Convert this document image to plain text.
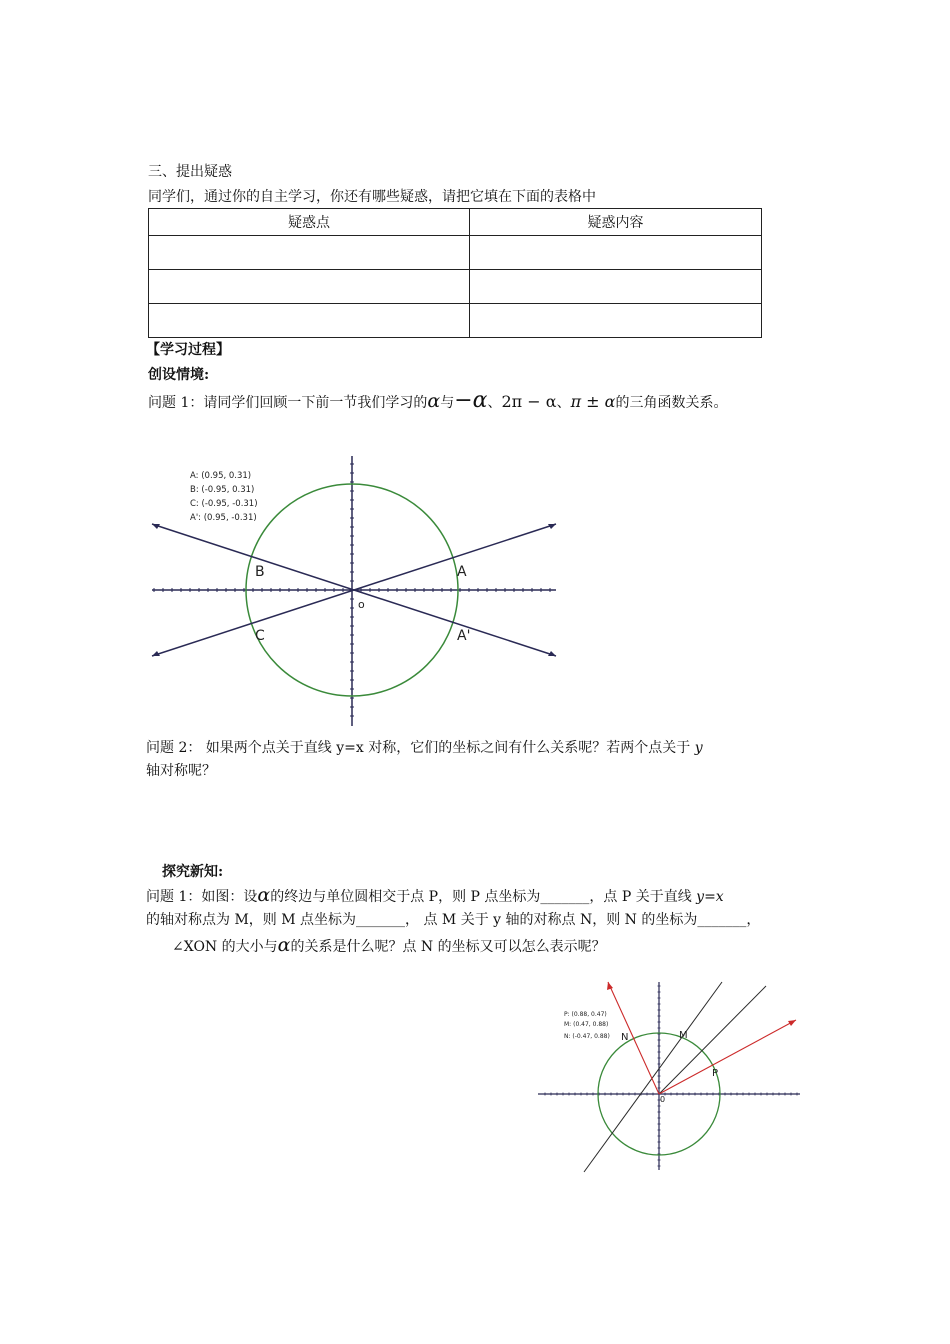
三、提出疑惑
同学们，通过你的自主学习，你还有哪些疑惑，请把它填在下面的表格中
疑惑点	疑惑内容

【学习过程】
创设情境:
问题 1：请同学们回顾一下前一节我们学习的α与−α、2π − α、π ± α的三角函数关系。
A: (0.95, 0.31)
B: (-0.95, 0.31)
C: (-0.95, -0.31)
A': (0.95, -0.31)
B	A
C	A'
o
问题 2： 如果两个点关于直线 y=x 对称，它们的坐标之间有什么关系呢？若两个点关于 y
轴对称呢？
探究新知:
问题 1：如图：设α的终边与单位圆相交于点 P，则 P 点坐标为_______，点 P 关于直线 y=x
的轴对称点为 M，则 M 点坐标为_______， 点 M 关于 y 轴的对称点 N，则 N 的坐标为_______，
∠XON 的大小与α的关系是什么呢？点 N 的坐标又可以怎么表示呢？
P: (0.88, 0.47)
M: (0.47, 0.88)
N: (-0.47, 0.88) N	M
P
0
